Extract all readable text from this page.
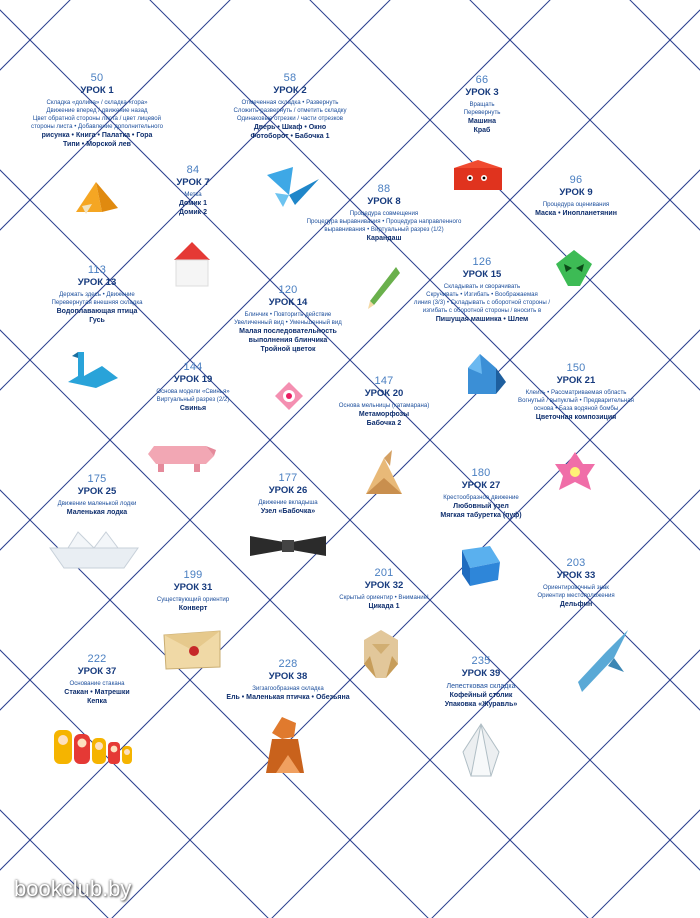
50
УРОК 1
Складка «долина» / складка «гора»
Движение вперед / движение назад
Цвет обратной стороны листа / цвет лицевой
стороны листа • Добавление дополнительного
рисунка • Книга • Палатка • Гора
Типи • Морской лев
58
УРОК 2
Отмеченная складка • Развернуть
Сложить-развернуть / отметить складку
Одинаковые отрезки / части отрезков
Дверь • Шкаф • Окно
Фотоборот • Бабочка 1
66
УРОК 3
Вращать
Перевернуть
Машина
Краб
84
УРОК 7
Метка
Домик 1
Домик 2
88
УРОК 8
Процедура совмещения
Процедура выравнивания • Процедура направленного
выравнивания • Виртуальный разрез (1/2)
Карандаш
96
УРОК 9
Процедура оценивания
Маска • Инопланетянин
113
УРОК 13
Держать здесь • Движение
Перевернутая внешняя складка
Водоплавающая птица
Гусь
120
УРОК 14
Блинчик • Повторить действие
Увеличенный вид • Уменьшенный вид
Малая последовательность
выполнения блинчика
Тройной цветок
126
УРОК 15
Складывать и сворачивать
Скручивать • Изгибать • Воображаемая
линия (3/3) • Складывать с оборотной стороны /
изгибать с оборотной стороны / вносить в
Пишущая машинка • Шлем
144
УРОК 19
Основа модели «Свинья»
Виртуальный разрез (2/2)
Свинья
147
УРОК 20
Основа мельницы (катамарана)
Метаморфозы
Бабочка 2
150
УРОК 21
Клеить • Рассматриваемая область
Вогнутый / выпуклый • Предварительная
основа • База водяной бомбы
Цветочная композиция
175
УРОК 25
Движение маленькой лодки
Маленькая лодка
177
УРОК 26
Движение вкладыша
Узел «Бабочка»
180
УРОК 27
Крестообразное движение
Любовный узел
Мягкая табуретка (пуф)
199
УРОК 31
Существующий ориентир
Конверт
201
УРОК 32
Скрытый ориентир • Внимание!
Цикада 1
203
УРОК 33
Ориентировочный знак
Ориентир местоположения
Дельфин
222
УРОК 37
Основание стакана
Стакан • Матрешки
Кепка
228
УРОК 38
Зигзагообразная складка
Ель • Маленькая птичка • Обезьяна
235
УРОК 39
Лепестковая складка
Кофейный столик
Упаковка «Журавль»
bookclub.by
